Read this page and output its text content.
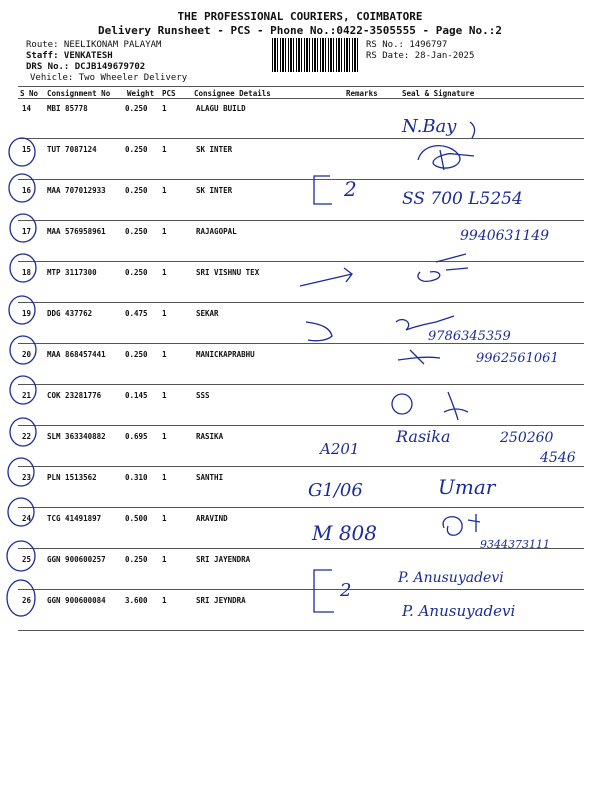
THE PROFESSIONAL COURIERS, COIMBATORE
Delivery Runsheet - PCS - Phone No.:0422-3505555 - Page No.:2
Route: NEELIKONAM PALAYAM
Staff: VENKATESH
DRS No.: DCJB149679702
Vehicle: Two Wheeler Delivery
RS No.: 1496797
RS Date: 28-Jan-2025
S No Consignment No Weight PCS Consignee Details	Remarks	Seal & Signature
14 MBI 85778	0.250 1	ALAGU BUILD
15 TUT 7087124	0.250 1	SK INTER
16 MAA 707012933	0.250 1	SK INTER
17 MAA 576958961	0.250 1	RAJAGOPAL
18 MTP 3117300	0.250 1	SRI VISHNU TEX
19 DDG 437762	0.475 1	SEKAR
20 MAA 868457441	0.250 1	MANICKAPRABHU
21 COK 23281776	0.145 1	SSS
22 SLM 363340882	0.695 1	RASIKA
23 PLN 1513562	0.310 1	SANTHI
24 TCG 41491897	0.500 1	ARAVIND
25 GGN 900600257	0.250 1	SRI JAYENDRA
26 GGN 900600084	3.600 1	SRI JEYNDRA
N.Bay
2	SS 700 L5254
9940631149
9786345359
9962561061
A201
Rasika	250260
4546
G1/06	Umar
M 808	9344373111
2
P. Anusuyadevi
P. Anusuyadevi
